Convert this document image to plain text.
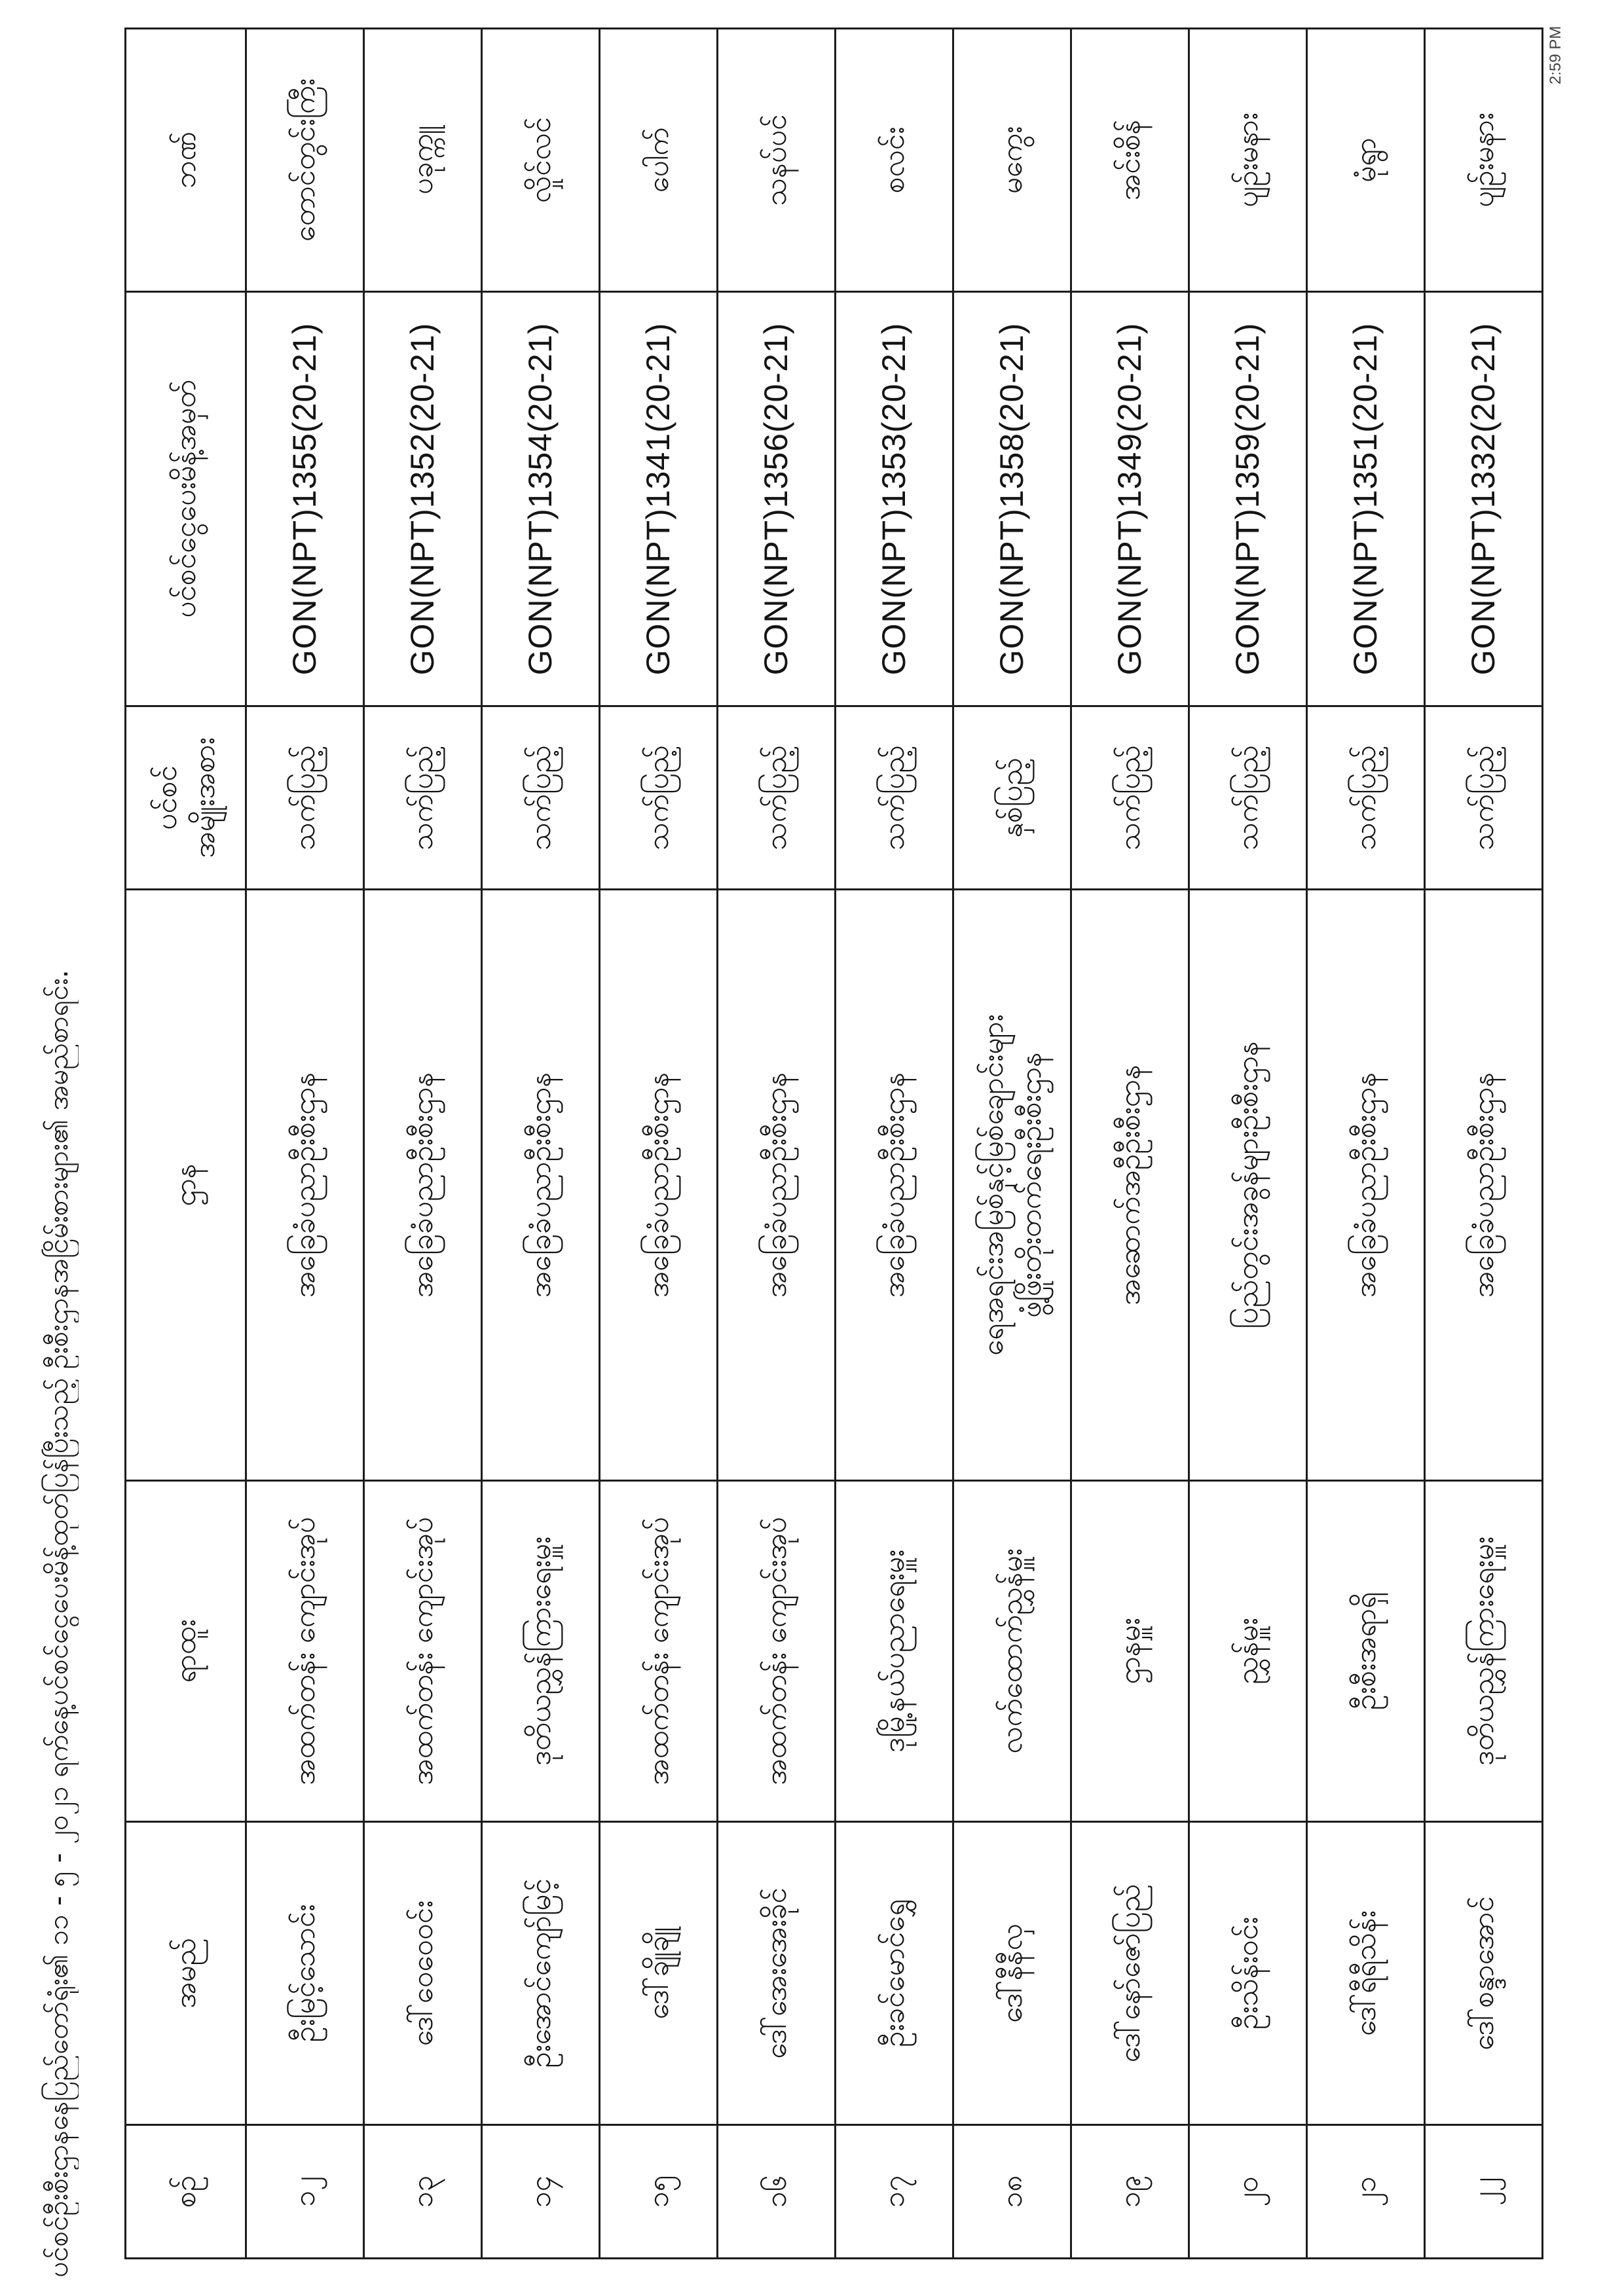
ပင်စင်ဦးစီးဌာနနေပြည်တော်ရုံး၏ ၁၁ - ၅ - ၂၀၂၁ ရက်နေ့ပင်စင်ငွေပေးမိန့်ထုတ်ပြန်ပြီးသည့် ဦးစီးဌာနအငြိမ်းစားများ၏ အမည်စာရင်း.	စဉ်
အမည်
ရာထူး
ဌာန
ပင်စင်
အမျိုးအစား
ပင်စင်ငွေပေးမိန့်အမှတ်
ဘဏ်
၁၂
ဦးမြင့်သောင်း
အထက်တန်း ကျောင်းအုပ်
အခြေခံပညာဦးစီးဌာန
သက်ပြည့်
GON(NPT)1355(20-21)
တောင်တွင်းကြီး
၁၃
ဒေါ်ဝေဝေဝင်း
အထက်တန်း ကျောင်းအုပ်
အခြေခံပညာဦးစီးဌာန
သက်ပြည့်
GON(NPT)1352(20-21)
ပခုက္ကူ
၁၄
ဦးအောင်ကျော်မြင့်
ဒုတိယညွှန်ကြားရေးမှူး
အခြေခံပညာဦးစီးဌာန
သက်ပြည့်
GON(NPT)1354(20-21)
လှိုင်လင်
၁၅
ဒေါ်ချိုချို
အထက်တန်း ကျောင်းအုပ်
အခြေခံပညာဦးစီးဌာန
သက်ပြည့်
GON(NPT)1341(20-21)
ပေါက်
၁၆
ဒေါ်အေးအေးခိုင်
အထက်တန်း ကျောင်းအုပ်
အခြေခံပညာဦးစီးဌာန
သက်ပြည့်
GON(NPT)1356(20-21)
သနပ်ပင်
၁၇
ဦးခင်မောင်ရွှေ
ဒုမြို့နယ်ပညာရေးမှူး
အခြေခံပညာဦးစီးဌာန
သက်ပြည့်
GON(NPT)1353(20-21)
စလင်း
၁၈
ဒေါ်နီနီလှ
လက်ထောက်ညွှန်မှူး
ရေအရင်းအမြစ်နှင့်မြစ်ချောင်းများ
ဖွံ့ဖြိုးတိုးတက်ရေးဦးစီးဌာန
နှစ်ပြည့်
GON(NPT)1358(20-21)
မကွေး
၁၉
ဒေါ်နော်ဇော်ပြည်
ဌာနမှူး
အဆောက်အဦဦးစီးဌာန
သက်ပြည့်
GON(NPT)1349(20-21)
အင်းစိန်
၂၀
ဦးသိန်းဝင်း
ညွှန်မှူး
ပြည်တွင်းအခွန်များဦးစီးဌာန
သက်ပြည့်
GON(NPT)1359(20-21)
ပျဉ်းမနား
၂၁
ဒေါ်ရီရီသိန်း
ဦးစီးအရာရှိ
အခြေခံပညာဦးစီးဌာန
သက်ပြည့်
GON(NPT)1351(20-21)
မုံရွာ
၂၂
ဒေါ်စန္ဒာအောင်
ဒုတိယညွှန်ကြားရေးမှူး
အခြေခံပညာဦးစီးဌာန
သက်ပြည့်
GON(NPT)1332(20-21)
ပျဉ်းမနား
2:59 PM
